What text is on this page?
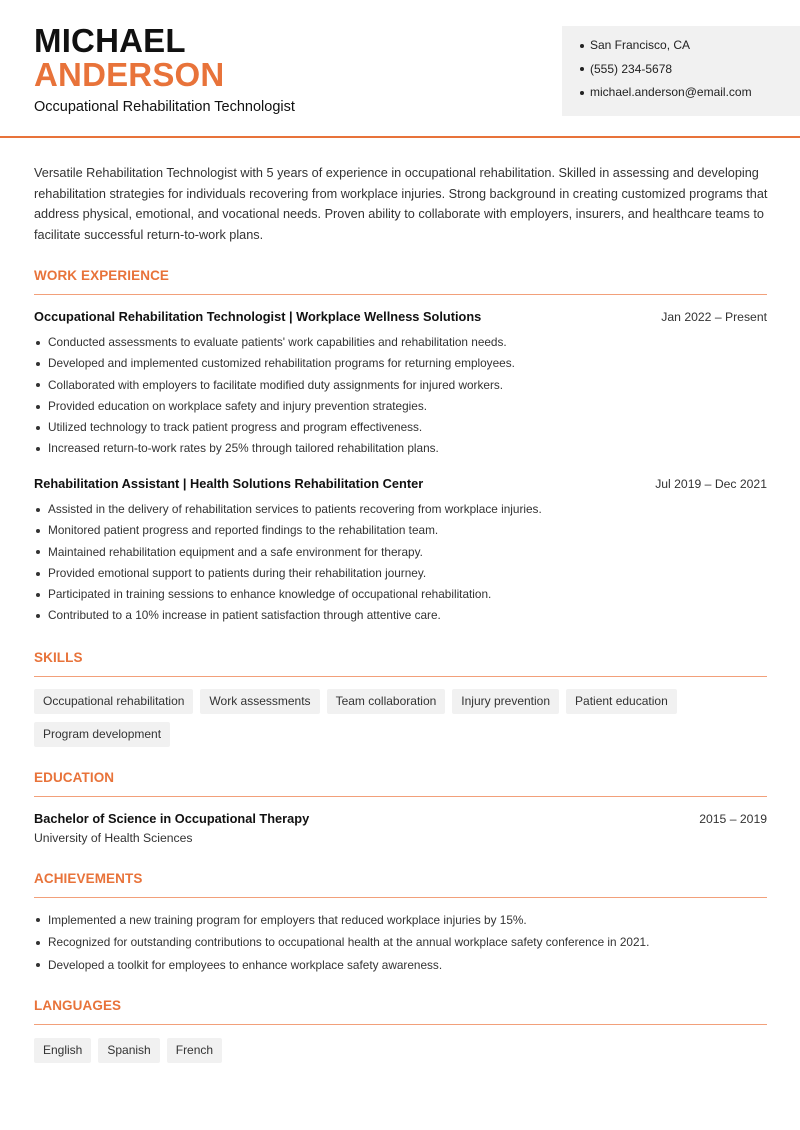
MICHAEL
ANDERSON
Occupational Rehabilitation Technologist
San Francisco, CA
(555) 234-5678
michael.anderson@email.com

Versatile Rehabilitation Technologist with 5 years of experience in occupational rehabilitation. Skilled in assessing and developing rehabilitation strategies for individuals recovering from workplace injuries. Strong background in creating customized programs that address physical, emotional, and vocational needs. Proven ability to collaborate with employers, insurers, and healthcare teams to facilitate successful return-to-work plans.

WORK EXPERIENCE
Occupational Rehabilitation Technologist | Workplace Wellness Solutions	Jan 2022 – Present
Conducted assessments to evaluate patients' work capabilities and rehabilitation needs.
Developed and implemented customized rehabilitation programs for returning employees.
Collaborated with employers to facilitate modified duty assignments for injured workers.
Provided education on workplace safety and injury prevention strategies.
Utilized technology to track patient progress and program effectiveness.
Increased return-to-work rates by 25% through tailored rehabilitation plans.
Rehabilitation Assistant | Health Solutions Rehabilitation Center	Jul 2019 – Dec 2021
Assisted in the delivery of rehabilitation services to patients recovering from workplace injuries.
Monitored patient progress and reported findings to the rehabilitation team.
Maintained rehabilitation equipment and a safe environment for therapy.
Provided emotional support to patients during their rehabilitation journey.
Participated in training sessions to enhance knowledge of occupational rehabilitation.
Contributed to a 10% increase in patient satisfaction through attentive care.
SKILLS
Occupational rehabilitation	Work assessments	Team collaboration	Injury prevention	Patient education
Program development
EDUCATION
Bachelor of Science in Occupational Therapy	2015 – 2019
University of Health Sciences
ACHIEVEMENTS
Implemented a new training program for employers that reduced workplace injuries by 15%.
Recognized for outstanding contributions to occupational health at the annual workplace safety conference in 2021.
Developed a toolkit for employees to enhance workplace safety awareness.
LANGUAGES
English	Spanish	French
